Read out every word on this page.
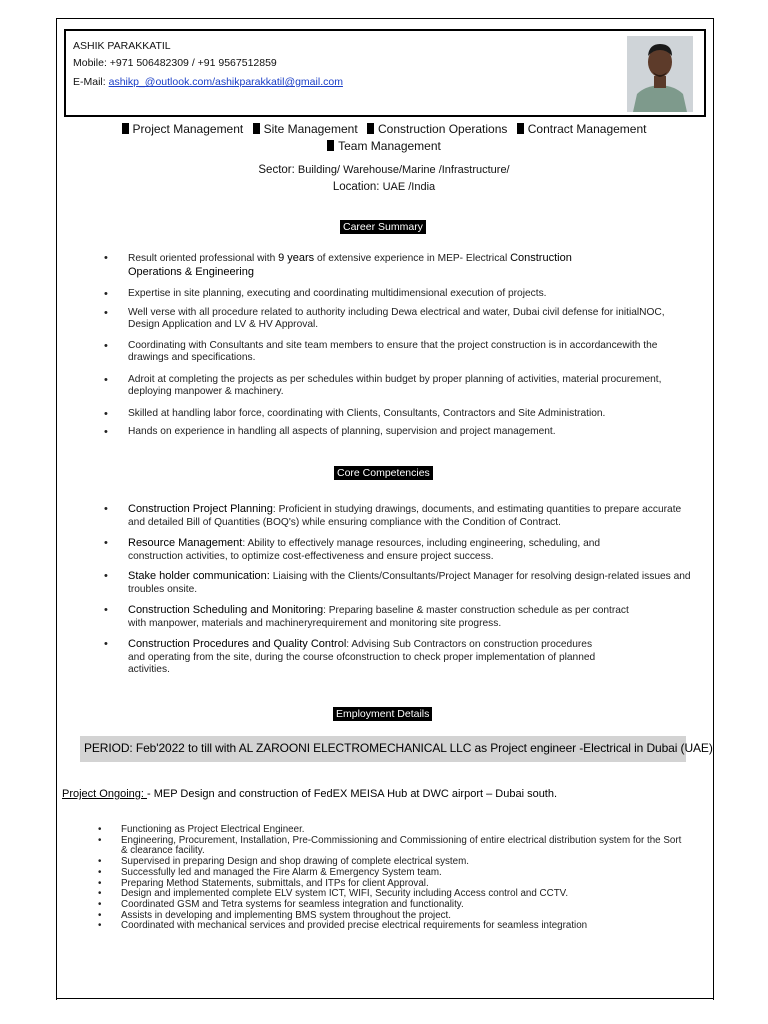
ASHIK PARAKKATIL
Mobile: +971 506482309 / +91 9567512859
E-Mail: ashikp_@outlook.com/ashikparakkatil@gmail.com
Project Management Site Management Construction Operations Contract Management
Team Management
Sector: Building/ Warehouse/Marine /Infrastructure/
Location: UAE /India
Career Summary
• Result oriented professional with 9 years of extensive experience in MEP- Electrical Construction Operations & Engineering
• Expertise in site planning, executing and coordinating multidimensional execution of projects.
• Well verse with all procedure related to authority including Dewa electrical and water, Dubai civil defense for initialNOC, Design Application and LV & HV Approval.
• Coordinating with Consultants and site team members to ensure that the project construction is in accordancewith the drawings and specifications.
• Adroit at completing the projects as per schedules within budget by proper planning of activities, material procurement, deploying manpower & machinery.
• Skilled at handling labor force, coordinating with Clients, Consultants, Contractors and Site Administration.
• Hands on experience in handling all aspects of planning, supervision and project management.
Core Competencies
• Construction Project Planning: Proficient in studying drawings, documents, and estimating quantities to prepare accurate and detailed Bill of Quantities (BOQ's) while ensuring compliance with the Condition of Contract.
• Resource Management: Ability to effectively manage resources, including engineering, scheduling, and construction activities, to optimize cost-effectiveness and ensure project success.
• Stake holder communication: Liaising with the Clients/Consultants/Project Manager for resolving design-related issues and troubles onsite.
• Construction Scheduling and Monitoring: Preparing baseline & master construction schedule as per contract with manpower, materials and machineryrequirement and monitoring site progress.
• Construction Procedures and Quality Control: Advising Sub Contractors on construction procedures and operating from the site, during the course ofconstruction to check proper implementation of planned activities.
Employment Details
PERIOD: Feb'2022 to till with AL ZAROONI ELECTROMECHANICAL LLC as Project engineer -Electrical in Dubai (UAE)
Project Ongoing: - MEP Design and construction of FedEX MEISA Hub at DWC airport – Dubai south.
• Functioning as Project Electrical Engineer.
• Engineering, Procurement, Installation, Pre-Commissioning and Commissioning of entire electrical distribution system for the Sort & clearance facility.
• Supervised in preparing Design and shop drawing of complete electrical system.
• Successfully led and managed the Fire Alarm & Emergency System team.
• Preparing Method Statements, submittals, and ITPs for client Approval.
• Design and implemented complete ELV system ICT, WIFI, Security including Access control and CCTV.
• Coordinated GSM and Tetra systems for seamless integration and functionality.
• Assists in developing and implementing BMS system throughout the project.
• Coordinated with mechanical services and provided precise electrical requirements for seamless integration
